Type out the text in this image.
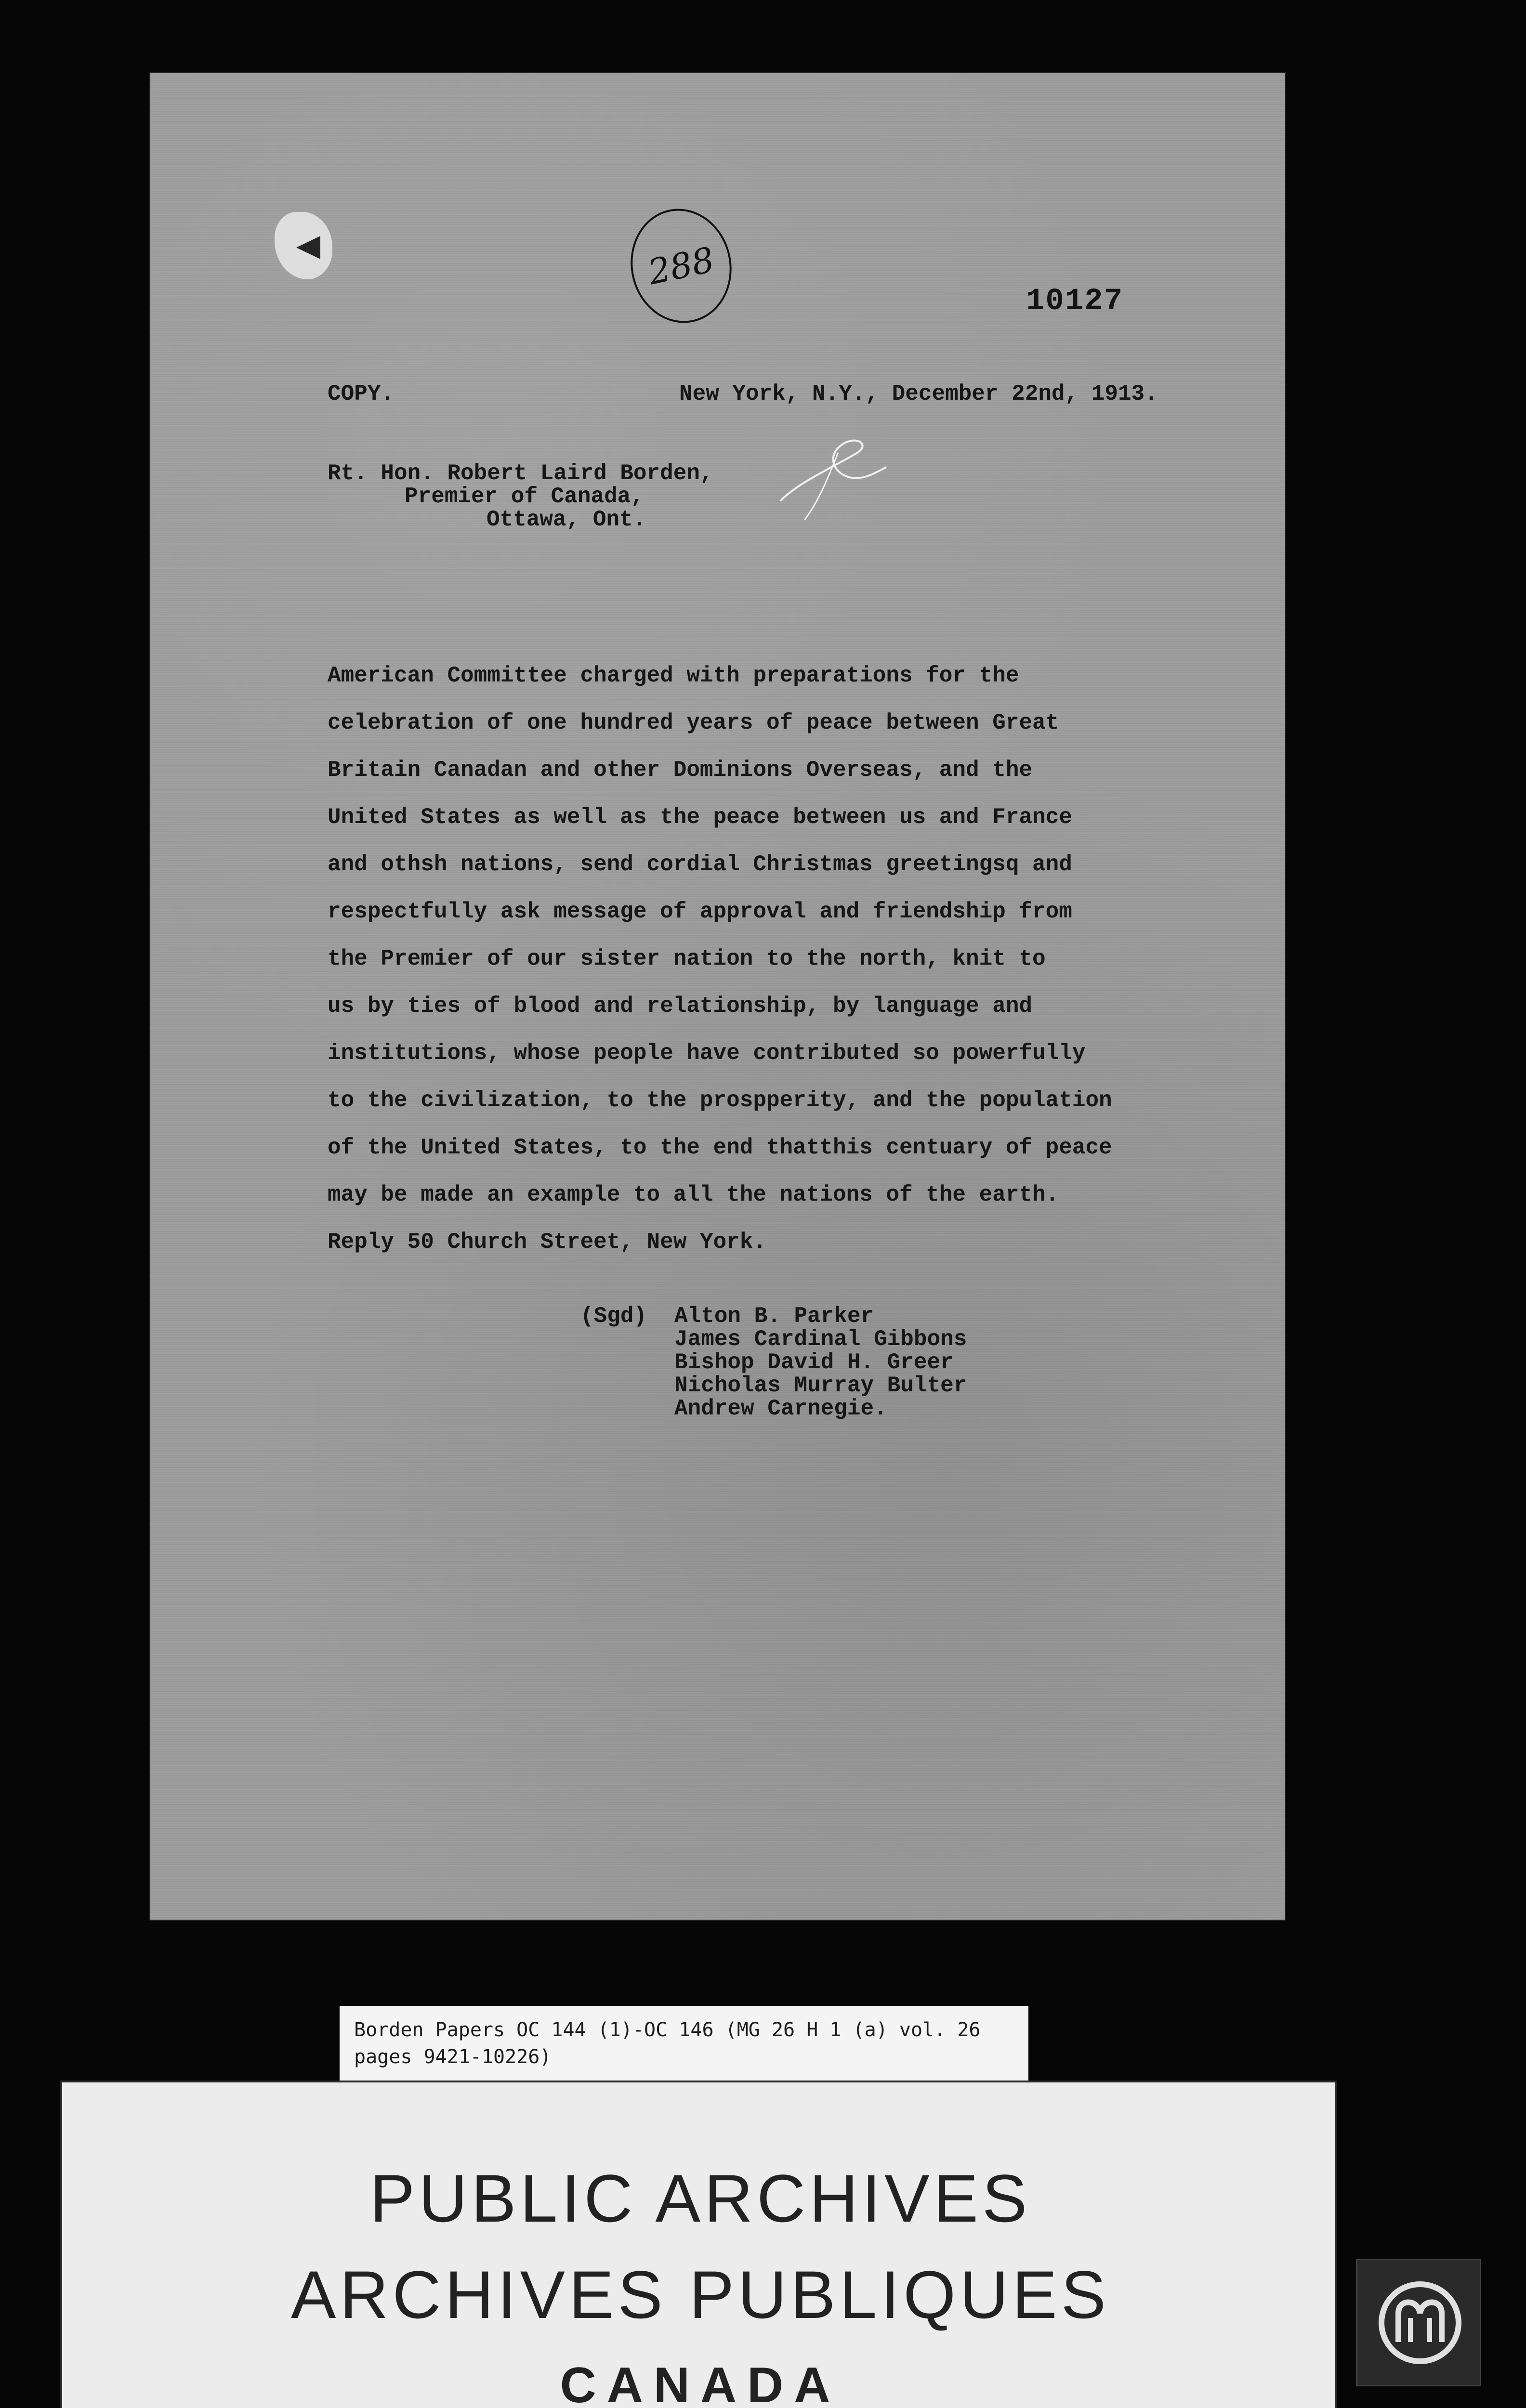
288
10127
COPY.	New York, N.Y., December 22nd, 1913.
Rt. Hon. Robert Laird Borden,
Premier of Canada,
Ottawa, Ont.
American Committee charged with preparations for the
celebration of one hundred years of peace between Great
Britain Canadan and other Dominions Overseas, and the
United States as well as the peace between us and France
and othsh nations, send cordial Christmas greetingsq and
respectfully ask message of approval and friendship from
the Premier of our sister nation to the north, knit to
us by ties of blood and relationship, by language and
institutions, whose people have contributed so powerfully
to the civilization, to the prospperity, and the population
of the United States, to the end thatthis centuary of peace
may be made an example to all the nations of the earth.
Reply 50 Church Street, New York.
(Sgd) Alton B. Parker
James Cardinal Gibbons
Bishop David H. Greer
Nicholas Murray Bulter
Andrew Carnegie.
Borden Papers OC 144 (1)-OC 146 (MG 26 H 1 (a) vol. 26
pages 9421-10226)
PUBLIC ARCHIVES
ARCHIVES PUBLIQUES
CANADA
